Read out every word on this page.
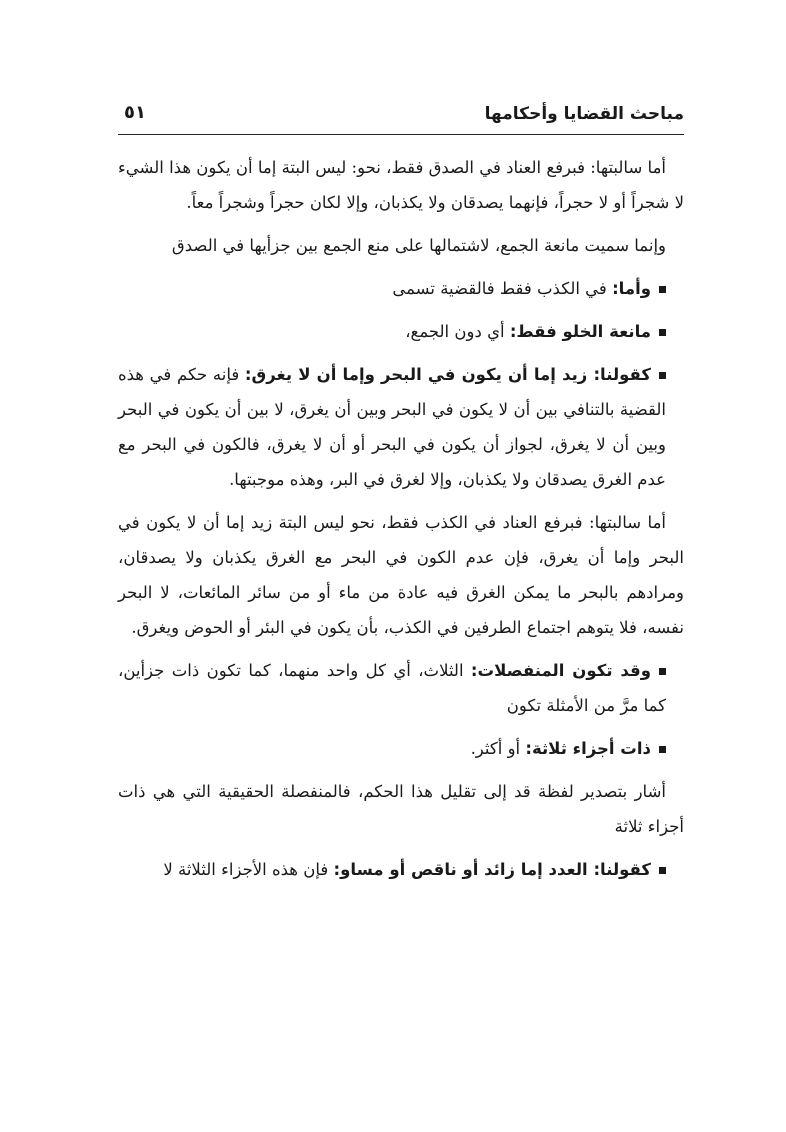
مباحث القضايا وأحكامها
٥١

أما سالبتها: فبرفع العناد في الصدق فقط، نحو: ليس البتة إما أن يكون هذا الشيء لا شجراً أو لا حجراً، فإنهما يصدقان ولا يكذبان، وإلا لكان حجراً وشجراً معاً.

وإنما سميت مانعة الجمع، لاشتمالها على منع الجمع بين جزأيها في الصدق

وأما: في الكذب فقط فالقضية تسمى

مانعة الخلو فقط: أي دون الجمع،

كقولنا: زيد إما أن يكون في البحر وإما أن لا يغرق: فإنه حكم في هذه القضية بالتنافي بين أن لا يكون في البحر وبين أن يغرق، لا بين أن يكون في البحر وبين أن لا يغرق، لجواز أن يكون في البحر أو أن لا يغرق، فالكون في البحر مع عدم الغرق يصدقان ولا يكذبان، وإلا لغرق في البر، وهذه موجبتها.

أما سالبتها: فبرفع العناد في الكذب فقط، نحو ليس البتة زيد إما أن لا يكون في البحر وإما أن يغرق، فإن عدم الكون في البحر مع الغرق يكذبان ولا يصدقان، ومرادهم بالبحر ما يمكن الغرق فيه عادة من ماء أو من سائر المائعات، لا البحر نفسه، فلا يتوهم اجتماع الطرفين في الكذب، بأن يكون في البئر أو الحوض ويغرق.

وقد تكون المنفصلات: الثلاث، أي كل واحد منهما، كما تكون ذات جزأين، كما مرَّ من الأمثلة تكون

ذات أجزاء ثلاثة: أو أكثر.

أشار بتصدير لفظة قد إلى تقليل هذا الحكم، فالمنفصلة الحقيقية التي هي ذات أجزاء ثلاثة

كقولنا: العدد إما زائد أو ناقص أو مساو: فإن هذه الأجزاء الثلاثة لا
